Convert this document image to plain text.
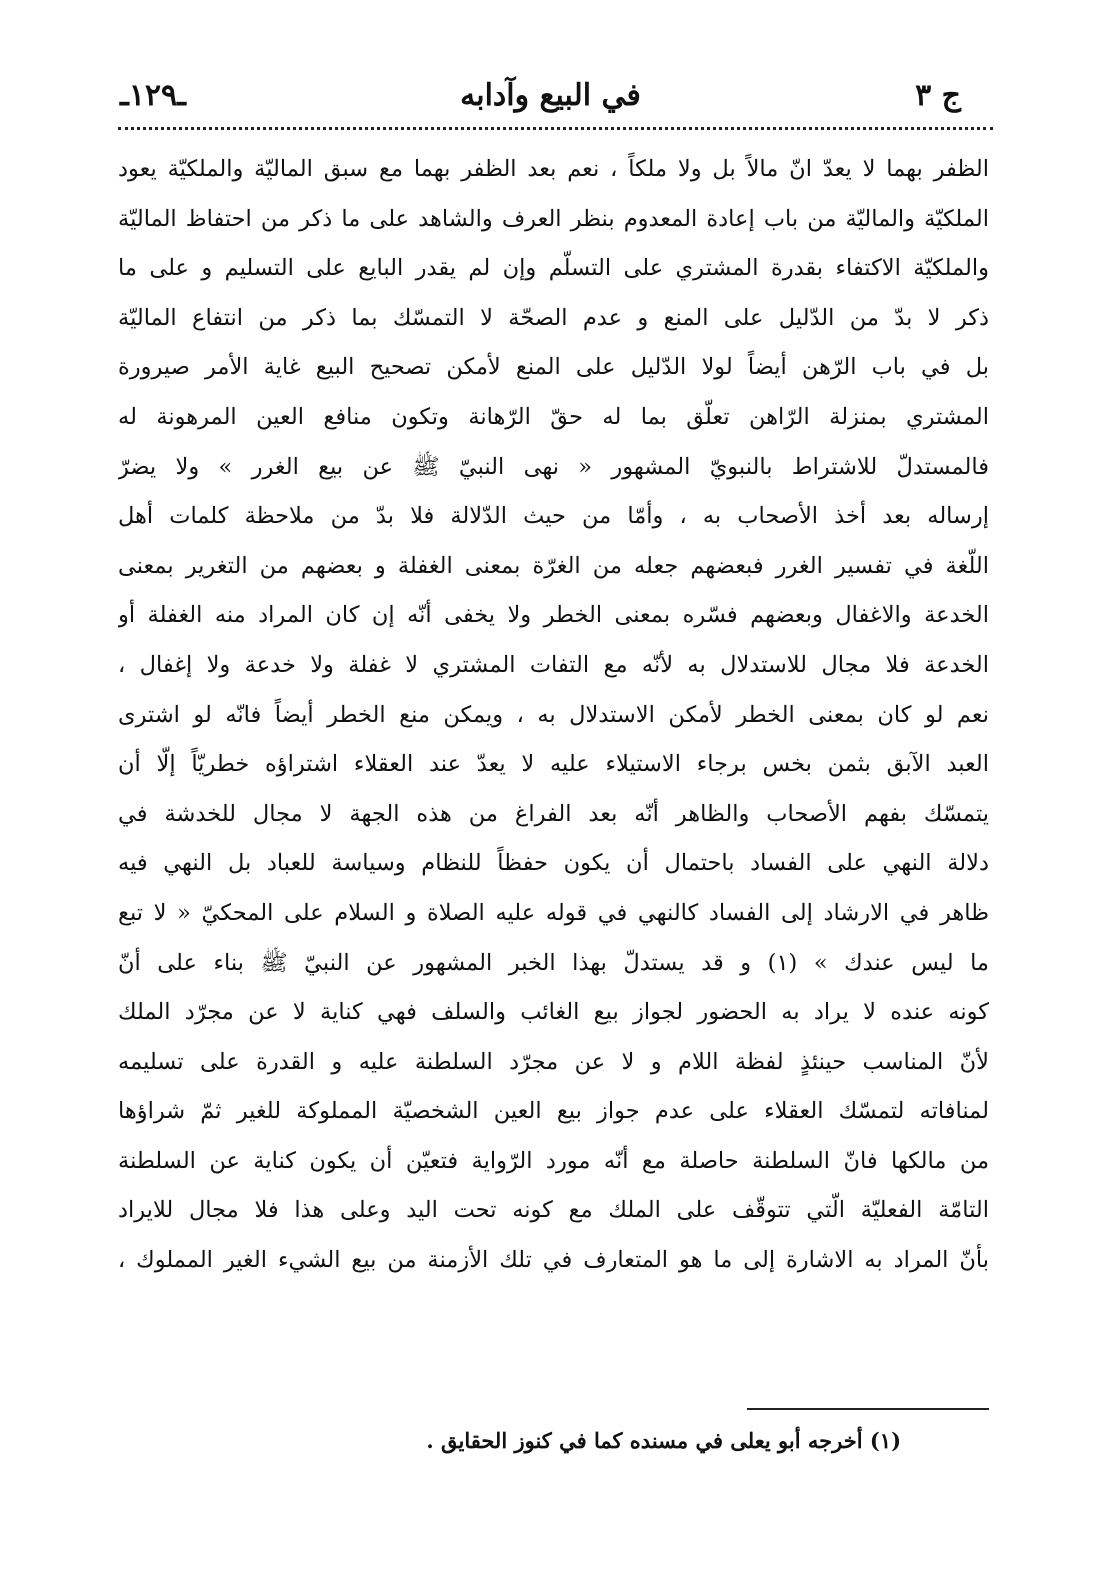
ج ٣
في البيع وآدابه
ـ١٢٩ـ
الظفر بهما لا يعدّ انّ مالاً بل ولا ملكاً ، نعم بعد الظفر بهما مع سبق الماليّة والملكيّة يعود
الملكيّة والماليّة من باب إعادة المعدوم بنظر العرف والشاهد على ما ذكر من احتفاظ الماليّة
والملكيّة الاكتفاء بقدرة المشتري على التسلّم وإن لم يقدر البايع على التسليم و على ما
ذكر لا بدّ من الدّليل على المنع و عدم الصحّة لا التمسّك بما ذكر من انتفاع الماليّة
بل في باب الرّهن أيضاً لولا الدّليل على المنع لأمكن تصحيح البيع غاية الأمر صيرورة
المشتري بمنزلة الرّاهن تعلّق بما له حقّ الرّهانة وتكون منافع العين المرهونة له
فالمستدلّ للاشتراط بالنبويّ المشهور « نهى النبيّ ﷺ عن بيع الغرر » ولا يضرّ
إرساله بعد أخذ الأصحاب به ، وأمّا من حيث الدّلالة فلا بدّ من ملاحظة كلمات أهل
اللّغة في تفسير الغرر فبعضهم جعله من الغرّة بمعنى الغفلة و بعضهم من التغرير بمعنى
الخدعة والاغفال وبعضهم فسّره بمعنى الخطر ولا يخفى أنّه إن كان المراد منه الغفلة أو
الخدعة فلا مجال للاستدلال به لأنّه مع التفات المشتري لا غفلة ولا خدعة ولا إغفال ،
نعم لو كان بمعنى الخطر لأمكن الاستدلال به ، ويمكن منع الخطر أيضاً فانّه لو اشترى
العبد الآبق بثمن بخس برجاء الاستيلاء عليه لا يعدّ عند العقلاء اشتراؤه خطريّاً إلّا أن
يتمسّك بفهم الأصحاب والظاهر أنّه بعد الفراغ من هذه الجهة لا مجال للخدشة في
دلالة النهي على الفساد باحتمال أن يكون حفظاً للنظام وسياسة للعباد بل النهي فيه
ظاهر في الارشاد إلى الفساد كالنهي في قوله عليه الصلاة و السلام على المحكيّ « لا تبع
ما ليس عندك » (١) و قد يستدلّ بهذا الخبر المشهور عن النبيّ ﷺ بناء على أنّ
كونه عنده لا يراد به الحضور لجواز بيع الغائب والسلف فهي كناية لا عن مجرّد الملك
لأنّ المناسب حينئذٍ لفظة اللام و لا عن مجرّد السلطنة عليه و القدرة على تسليمه
لمنافاته لتمسّك العقلاء على عدم جواز بيع العين الشخصيّة المملوكة للغير ثمّ شراؤها
من مالكها فانّ السلطنة حاصلة مع أنّه مورد الرّواية فتعيّن أن يكون كناية عن السلطنة
التامّة الفعليّة الّتي تتوقّف على الملك مع كونه تحت اليد وعلى هذا فلا مجال للايراد
بأنّ المراد به الاشارة إلى ما هو المتعارف في تلك الأزمنة من بيع الشيء الغير المملوك ،
(١) أخرجه أبو يعلى في مسنده كما في كنوز الحقايق .
